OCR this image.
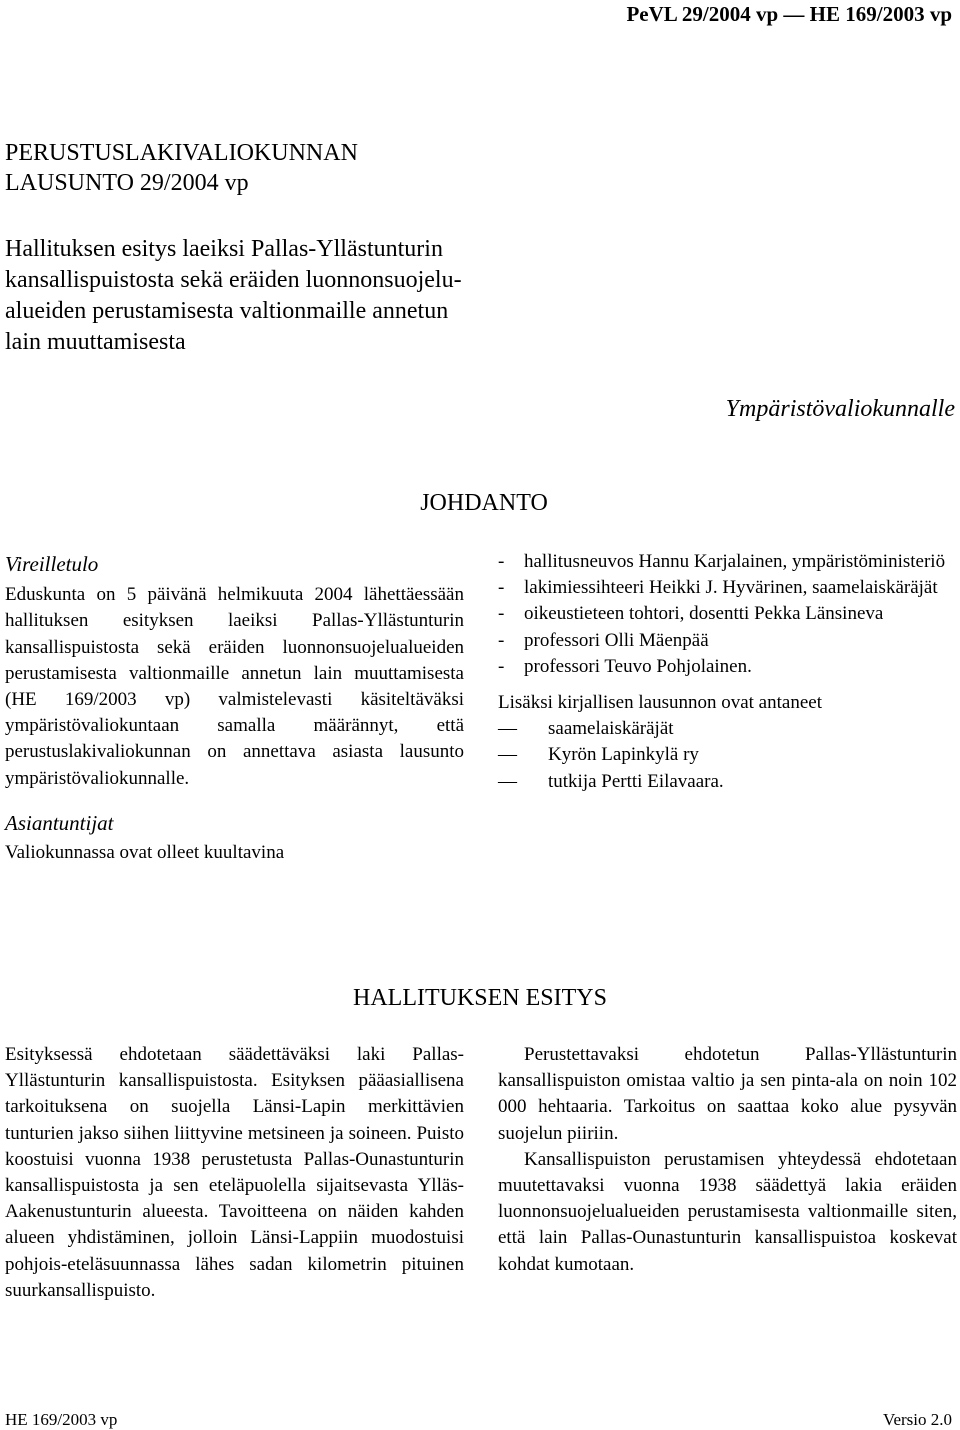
PeVL 29/2004 vp — HE 169/2003 vp
PERUSTUSLAKIVALIOKUNNAN
LAUSUNTO 29/2004 vp
Hallituksen esitys laeiksi Pallas-Yllästunturin
kansallispuistosta sekä eräiden luonnonsuojelu-
alueiden perustamisesta valtionmaille annetun
lain muuttamisesta
Ympäristövaliokunnalle
JOHDANTO
Vireilletulo

Eduskunta on 5 päivänä helmikuuta 2004 lähettäessään hallituksen esityksen laeiksi Pallas-Yllästunturin kansallispuistosta sekä eräiden luonnonsuojelualueiden perustamisesta valtionmaille annetun lain muuttamisesta (HE 169/2003 vp) valmistelevasti käsiteltäväksi ympäristövaliokuntaan samalla määrännyt, että perustuslakivaliokunnan on annettava asiasta lausunto ympäristövaliokunnalle.

Asiantuntijat

Valiokunnassa ovat olleet kuultavina

- hallitusneuvos Hannu Karjalainen, ympäristöministeriö
- lakimiessihteeri Heikki J. Hyvärinen, saamelaiskäräjät
- oikeustieteen tohtori, dosentti Pekka Länsineva
- professori Olli Mäenpää
- professori Teuvo Pohjolainen.

Lisäksi kirjallisen lausunnon ovat antaneet

—	saamelaiskäräjät
—	Kyrön Lapinkylä ry
—	tutkija Pertti Eilavaara.
HALLITUKSEN ESITYS

Esityksessä ehdotetaan säädettäväksi laki Pallas-Yllästunturin kansallispuistosta. Esityksen pääasiallisena tarkoituksena on suojella Länsi-Lapin merkittävien tunturien jakso siihen liittyvine metsineen ja soineen. Puisto koostuisi vuonna 1938 perustetusta Pallas-Ounastunturin kansallispuistosta ja sen eteläpuolella sijaitsevasta Ylläs-Aakenustunturin alueesta. Tavoitteena on näiden kahden alueen yhdistäminen, jolloin Länsi-Lappiin muodostuisi pohjois-eteläsuunnassa lähes sadan kilometrin pituinen suurkansallispuisto.

Perustettavaksi ehdotetun Pallas-Yllästunturin kansallispuiston omistaa valtio ja sen pinta-ala on noin 102 000 hehtaaria. Tarkoitus on saattaa koko alue pysyvän suojelun piiriin.

Kansallispuiston perustamisen yhteydessä ehdotetaan muutettavaksi vuonna 1938 säädettyä lakia eräiden luonnonsuojelualueiden perustamisesta valtionmaille siten, että lain Pallas-Ounastunturin kansallispuistoa koskevat kohdat kumotaan.

HE 169/2003 vp	Versio 2.0
